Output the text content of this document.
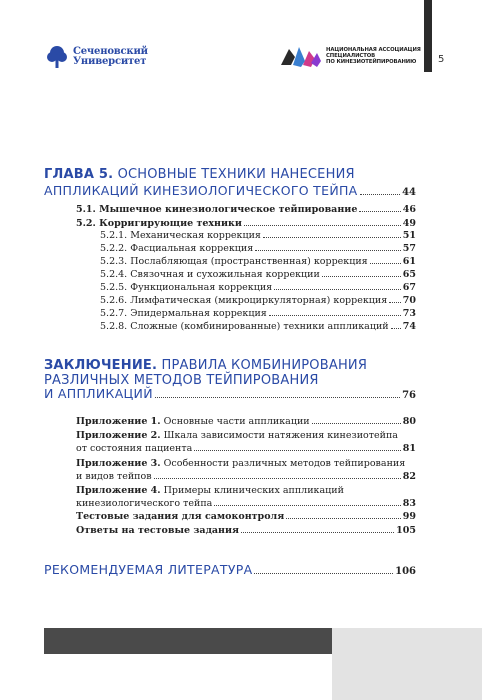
Сеченовский
Университет
НАЦИОНАЛЬНАЯ АССОЦИАЦИЯ
СПЕЦИАЛИСТОВ
ПО КИНЕЗИОТЕЙПИРОВАНИЮ	5
ГЛАВА 5. ОСНОВНЫЕ ТЕХНИКИ НАНЕСЕНИЯ
АППЛИКАЦИЙ КИНЕЗИОЛОГИЧЕСКОГО ТЕЙПА	44
5.1. Мышечное кинезиологическое тейпирование	46
5.2. Корригирующие техники	49
5.2.1. Механическая коррекция	51
5.2.2. Фасциальная коррекция	57
5.2.3. Послабляющая (пространственная) коррекция	61
5.2.4. Связочная и сухожильная коррекции	65
5.2.5. Функциональная коррекция	67
5.2.6. Лимфатическая (микроциркуляторная) коррекция 70
5.2.7. Эпидермальная коррекция	73
5.2.8. Сложные (комбинированные) техники аппликаций 74
ЗАКЛЮЧЕНИЕ. ПРАВИЛА КОМБИНИРОВАНИЯ
РАЗЛИЧНЫХ МЕТОДОВ ТЕЙПИРОВАНИЯ
И АППЛИКАЦИЙ	76
Приложение 1. Основные части аппликации	80
Приложение 2. Шкала зависимости натяжения кинезиотейпа
от состояния пациента	81
Приложение 3. Особенности различных методов тейпирования
и видов тейпов	82
Приложение 4. Примеры клинических аппликаций
кинезиологического тейпа	83
Тестовые задания для самоконтроля	99
Ответы на тестовые задания	105
РЕКОМЕНДУЕМАЯ ЛИТЕРАТУРА	106
